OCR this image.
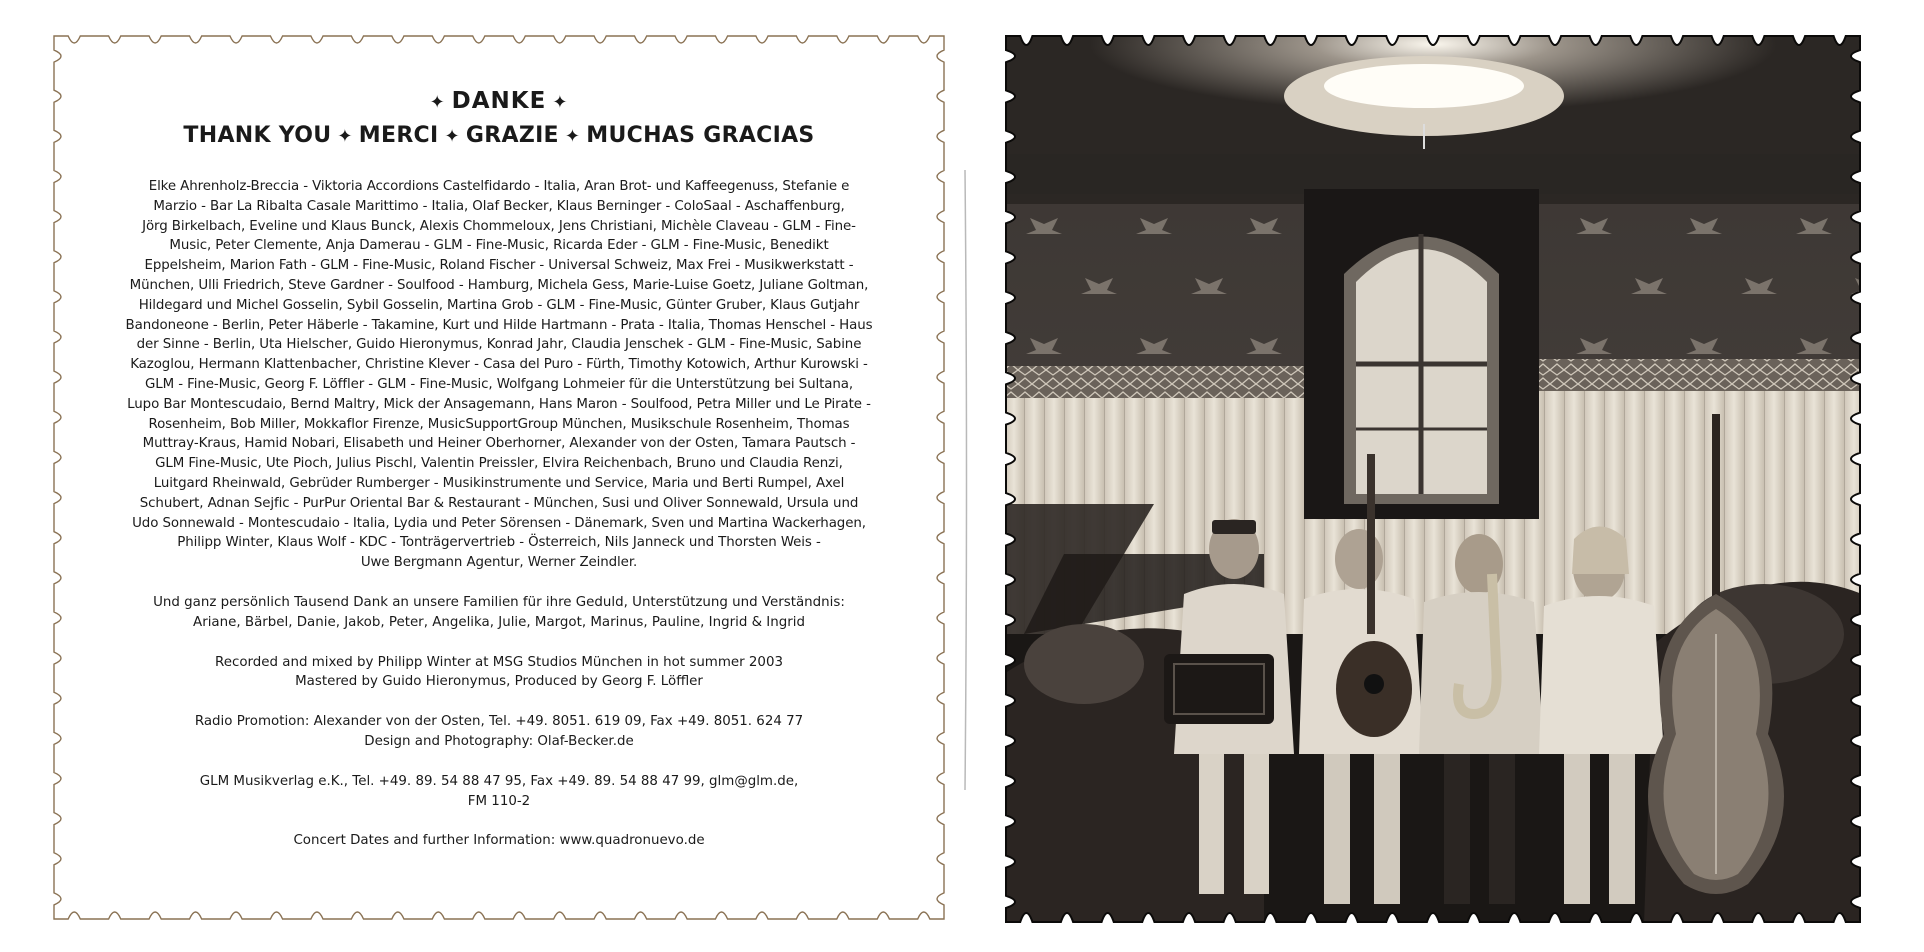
✦ DANKE ✦
THANK YOU ✦ MERCI ✦ GRAZIE ✦ MUCHAS GRACIAS
Elke Ahrenholz-Breccia - Viktoria Accordions Castelfidardo - Italia, Aran Brot- und Kaffeegenuss, Stefanie e
Marzio - Bar La Ribalta Casale Marittimo - Italia, Olaf Becker, Klaus Berninger - ColoSaal - Aschaffenburg,
Jörg Birkelbach, Eveline und Klaus Bunck, Alexis Chommeloux, Jens Christiani, Michèle Claveau - GLM - Fine-
Music, Peter Clemente, Anja Damerau - GLM - Fine-Music, Ricarda Eder - GLM - Fine-Music, Benedikt
Eppelsheim, Marion Fath - GLM - Fine-Music, Roland Fischer - Universal Schweiz, Max Frei - Musikwerkstatt -
München, Ulli Friedrich, Steve Gardner - Soulfood - Hamburg, Michela Gess, Marie-Luise Goetz, Juliane Goltman,
Hildegard und Michel Gosselin, Sybil Gosselin, Martina Grob - GLM - Fine-Music, Günter Gruber, Klaus Gutjahr
Bandoneone - Berlin, Peter Häberle - Takamine, Kurt und Hilde Hartmann - Prata - Italia, Thomas Henschel - Haus
der Sinne - Berlin, Uta Hielscher, Guido Hieronymus, Konrad Jahr, Claudia Jenschek - GLM - Fine-Music, Sabine
Kazoglou, Hermann Klattenbacher, Christine Klever - Casa del Puro - Fürth, Timothy Kotowich, Arthur Kurowski -
GLM - Fine-Music, Georg F. Löffler - GLM - Fine-Music, Wolfgang Lohmeier für die Unterstützung bei Sultana,
Lupo Bar Montescudaio, Bernd Maltry, Mick der Ansagemann, Hans Maron - Soulfood, Petra Miller und Le Pirate -
Rosenheim, Bob Miller, Mokkaflor Firenze, MusicSupportGroup München, Musikschule Rosenheim, Thomas
Muttray-Kraus, Hamid Nobari, Elisabeth und Heiner Oberhorner, Alexander von der Osten, Tamara Pautsch -
GLM Fine-Music, Ute Pioch, Julius Pischl, Valentin Preissler, Elvira Reichenbach, Bruno und Claudia Renzi,
Luitgard Rheinwald, Gebrüder Rumberger - Musikinstrumente und Service, Maria und Berti Rumpel, Axel
Schubert, Adnan Sejfic - PurPur Oriental Bar & Restaurant - München, Susi und Oliver Sonnewald, Ursula und
Udo Sonnewald - Montescudaio - Italia, Lydia und Peter Sörensen - Dänemark, Sven und Martina Wackerhagen,
Philipp Winter, Klaus Wolf - KDC - Tonträgervertrieb - Österreich, Nils Janneck und Thorsten Weis -
Uwe Bergmann Agentur, Werner Zeindler.
Und ganz persönlich Tausend Dank an unsere Familien für ihre Geduld, Unterstützung und Verständnis:
Ariane, Bärbel, Danie, Jakob, Peter, Angelika, Julie, Margot, Marinus, Pauline, Ingrid & Ingrid
Recorded and mixed by Philipp Winter at MSG Studios München in hot summer 2003
Mastered by Guido Hieronymus, Produced by Georg F. Löffler
Radio Promotion: Alexander von der Osten, Tel. +49. 8051. 619 09, Fax +49. 8051. 624 77
Design and Photography: Olaf-Becker.de
GLM Musikverlag e.K., Tel. +49. 89. 54 88 47 95, Fax +49. 89. 54 88 47 99, glm@glm.de,
FM 110-2
Concert Dates and further Information: www.quadronuevo.de
